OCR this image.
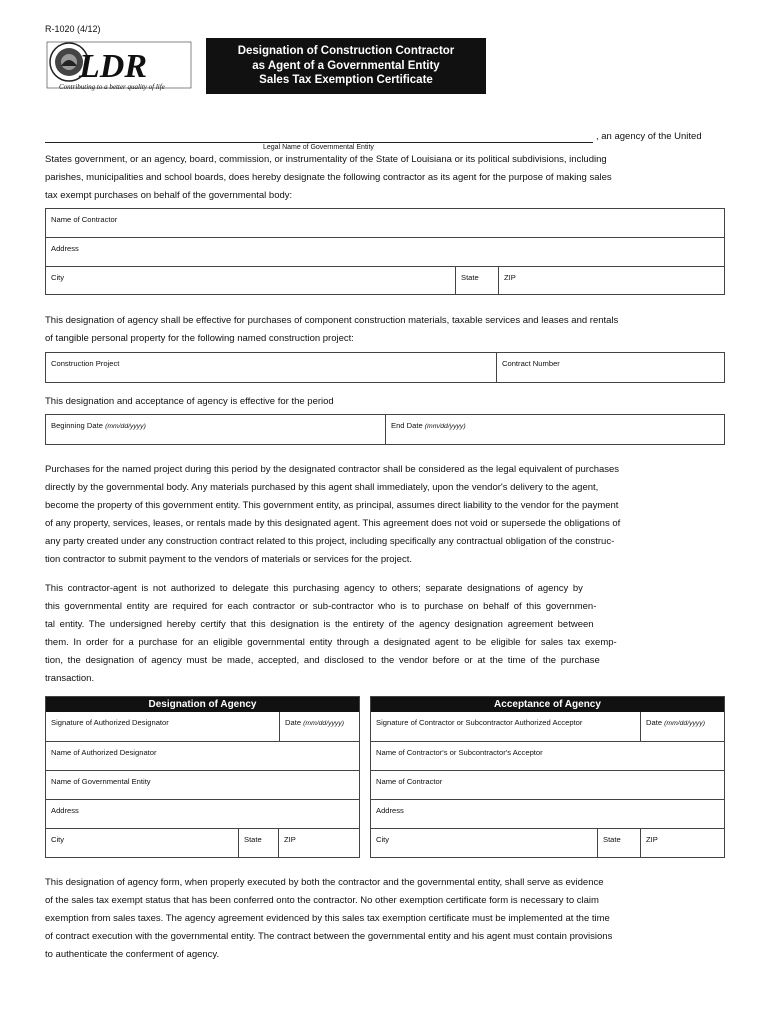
R-1020 (4/12)
LDR
Contributing to a better quality of life
Designation of Construction Contractor
as Agent of a Governmental Entity
Sales Tax Exemption Certificate
, an agency of the United
Legal Name of Governmental Entity
States government, or an agency, board, commission, or instrumentality of the State of Louisiana or its political subdivisions, including
parishes, municipalities and school boards, does hereby designate the following contractor as its agent for the purpose of making sales
tax exempt purchases on behalf of the governmental body:
Name of Contractor
Address
City	State	ZIP
This designation of agency shall be effective for purchases of component construction materials, taxable services and leases and rentals
of tangible personal property for the following named construction project:
Construction Project	Contract Number
This designation and acceptance of agency is effective for the period
Beginning Date (mm/dd/yyyy)	End Date (mm/dd/yyyy)
Purchases for the named project during this period by the designated contractor shall be considered as the legal equivalent of purchases
directly by the governmental body. Any materials purchased by this agent shall immediately, upon the vendor's delivery to the agent,
become the property of this government entity. This government entity, as principal, assumes direct liability to the vendor for the payment
of any property, services, leases, or rentals made by this designated agent. This agreement does not void or supersede the obligations of
any party created under any construction contract related to this project, including specifically any contractual obligation of the construc-
tion contractor to submit payment to the vendors of materials or services for the project.
This contractor-agent is not authorized to delegate this purchasing agency to others; separate designations of agency by
this governmental entity are required for each contractor or sub-contractor who is to purchase on behalf of this governmen-
tal entity. The undersigned hereby certify that this designation is the entirety of the agency designation agreement between
them. In order for a purchase for an eligible governmental entity through a designated agent to be eligible for sales tax exemp-
tion, the designation of agency must be made, accepted, and disclosed to the vendor before or at the time of the purchase
transaction.
Designation of Agency
Signature of Authorized Designator	Date (mm/dd/yyyy)
Name of Authorized Designator
Name of Governmental Entity
Address
City	State	ZIP
Acceptance of Agency
Signature of Contractor or Subcontractor Authorized Acceptor	Date (mm/dd/yyyy)
Name of Contractor's or Subcontractor's Acceptor
Name of Contractor
Address
City	State	ZIP
This designation of agency form, when properly executed by both the contractor and the governmental entity, shall serve as evidence
of the sales tax exempt status that has been conferred onto the contractor. No other exemption certificate form is necessary to claim
exemption from sales taxes. The agency agreement evidenced by this sales tax exemption certificate must be implemented at the time
of contract execution with the governmental entity. The contract between the governmental entity and his agent must contain provisions
to authenticate the conferment of agency.
